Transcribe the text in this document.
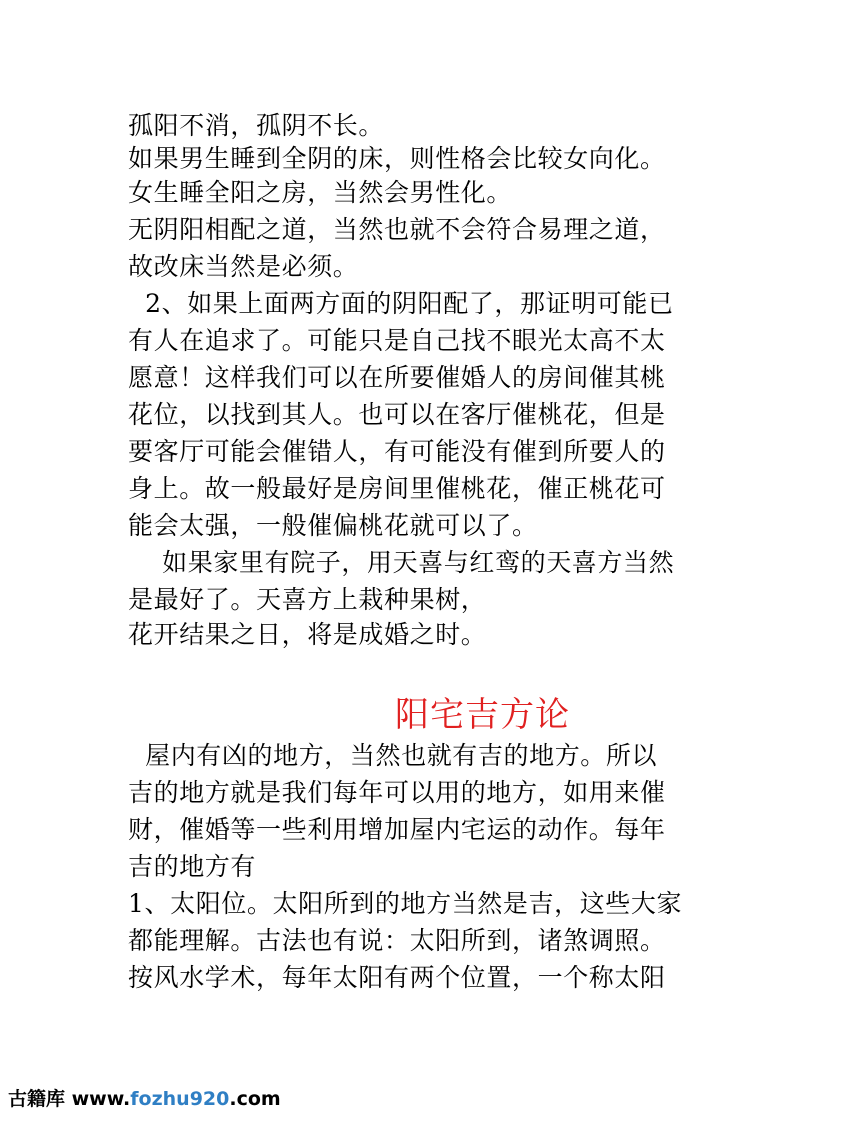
孤阳不消，孤阴不长。
如果男生睡到全阴的床，则性格会比较女向化。
女生睡全阳之房，当然会男性化。
无阴阳相配之道，当然也就不会符合易理之道，
故改床当然是必须。
2、如果上面两方面的阴阳配了，那证明可能已
有人在追求了。可能只是自己找不眼光太高不太
愿意！这样我们可以在所要催婚人的房间催其桃
花位，以找到其人。也可以在客厅催桃花，但是
要客厅可能会催错人，有可能没有催到所要人的
身上。故一般最好是房间里催桃花，催正桃花可
能会太强，一般催偏桃花就可以了。
如果家里有院子，用天喜与红鸾的天喜方当然
是最好了。天喜方上栽种果树，
花开结果之日，将是成婚之时。
阳宅吉方论
屋内有凶的地方，当然也就有吉的地方。所以
吉的地方就是我们每年可以用的地方，如用来催
财，催婚等一些利用增加屋内宅运的动作。每年
吉的地方有
1、太阳位。太阳所到的地方当然是吉，这些大家
都能理解。古法也有说：太阳所到，诸煞调照。
按风水学术，每年太阳有两个位置，一个称太阳
古籍库 www.fozhu920.com
